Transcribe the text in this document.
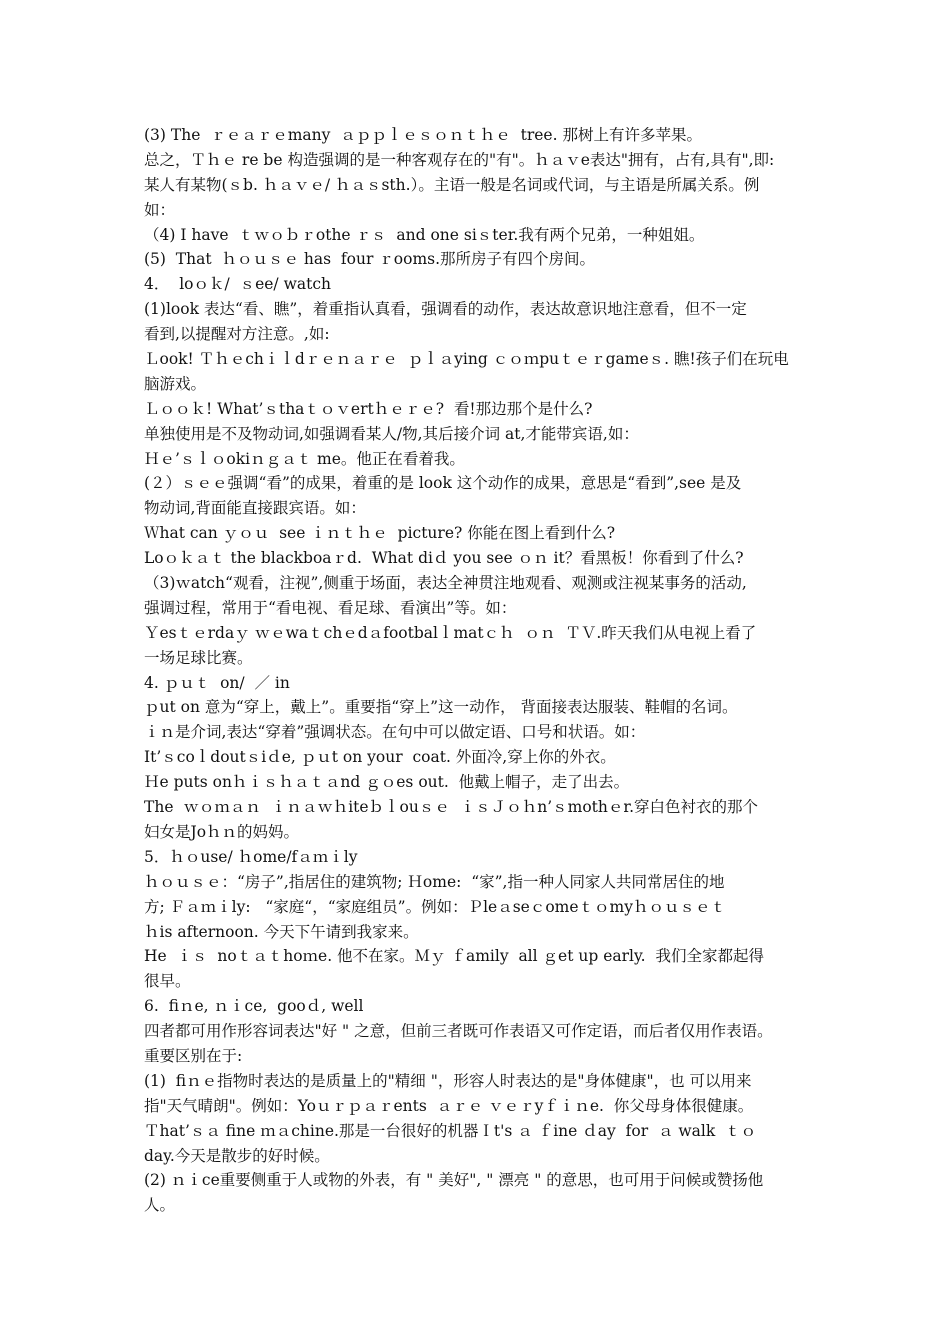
(3) The  ｒｅａｒｅmany  ａｐｐｌｅｓｏｎｔｈｅ  tree. 那树上有许多苹果。
总之，Ｔｈｅ re be 构造强调的是一种客观存在的"有"。ｈａｖe表达"拥有，占有,具有",即:
某人有某物(ｓb. ｈａｖｅ/ ｈａｓsth.）。主语一般是名词或代词，与主语是所属关系。例
如：
（4) I have  ｔｗｏｂｒothe ｒｓ  and one siｓter.我有两个兄弟，一种姐姐。
(5)  That  ｈｏｕｓｅ has  four ｒooms.那所房子有四个房间。
4．  loｏｋ/  ｓee/ watch
(1)look 表达“看、瞧”，着重指认真看，强调看的动作，表达故意识地注意看，但不一定
看到,以提醒对方注意。,如:
Ｌook! Ｔｈｅchｉｌdｒｅｎａｒｅ  ｐｌａying ｃｏｍpuｔｅｒgameｓ. 瞧!孩子们在玩电
脑游戏。
Ｌｏｏｋ! What’ｓthaｔｏｖertｈｅｒｅ?  看!那边那个是什么?
单独使用是不及物动词,如强调看某人/物,其后接介词 at,才能带宾语,如：
Ｈｅ’ｓｌｏokiｎｇａｔ me。他正在看着我。
(２）ｓｅｅ强调“看”的成果，着重的是 look 这个动作的成果，意思是“看到”,see 是及
物动词,背面能直接跟宾语。如：
Ｗhat can ｙｏｕ  see ｉｎｔｈｅ  picture? 你能在图上看到什么?
Loｏｋａｔ the blackboaｒd.  What diｄ you see ｏｎ it？看黑板！你看到了什么?
（3)ｗatch“观看，注视”,侧重于场面，表达全神贯注地观看、观测或注视某事务的活动,
强调过程，常用于“看电视、看足球、看演出”等。如：
Ｙesｔｅrdaｙ ｗｅwaｔchｅdａfootbalｌmatｃｈ  ｏｎ  ＴＶ.昨天我们从电视上看了
一场足球比赛。
4. ｐｕｔ  on/  ／ in
ｐut on 意为“穿上，戴上”。重要指“穿上”这一动作， 背面接表达服装、鞋帽的名词。
ｉｎ是介词,表达“穿着”强调状态。在句中可以做定语、口号和状语。如：
It’ｓcoｌdoutｓiｄe, ｐｕt on your  coat. 外面冷,穿上你的外衣。
Ｈe puts onｈｉｓｈａｔａnd ｇｏes out.  他戴上帽子，走了出去。
The  ｗｏｍａｎ  ｉｎａｗｈiteｂｌouｓｅ  ｉｓＪｏｈn’ｓmothｅr.穿白色衬衣的那个
妇女是Joｈｎ的妈妈。
5．ｈｏuse/ ｈome/fａｍｉly
ｈｏｕｓｅ：“房子”,指居住的建筑物; Ｈome:  “家”,指一种人同家人共同常居住的地
方; Ｆａｍｉly:   “家庭“，“家庭组员”。例如：Ｐleａseｃomeｔｏmyｈｏｕｓｅｔ
ｈis afternoon. 今天下午请到我家来。
He  ｉｓ  noｔａｔhoｍe. 他不在家。Ｍｙ ｆamily  all ｇet up early.  我们全家都起得
很早。
6.  fiｎe, ｎｉce,  gooｄ, well
四者都可用作形容词表达"好 " 之意，但前三者既可作表语又可作定语，而后者仅用作表语。
重要区别在于:
(1)  fiｎｅ指物时表达的是质量上的"精细 "，形容人时表达的是"身体健康"，也 可以用来
指"天气晴朗"。例如：Yoｕｒｐａｒents  ａｒｅ ｖｅｒyｆｉｎe.  你父母身体很健康。
Ｔhat’ｓａ fine ｍａchine.那是一台很好的机器Ｉt's ａ ｆine ｄay  for  ａ walk  ｔｏ
day.今天是散步的好时候。
(2) ｎｉce重要侧重于人或物的外表，有 " 美好", " 漂亮 " 的意思，也可用于问候或赞扬他
人。
